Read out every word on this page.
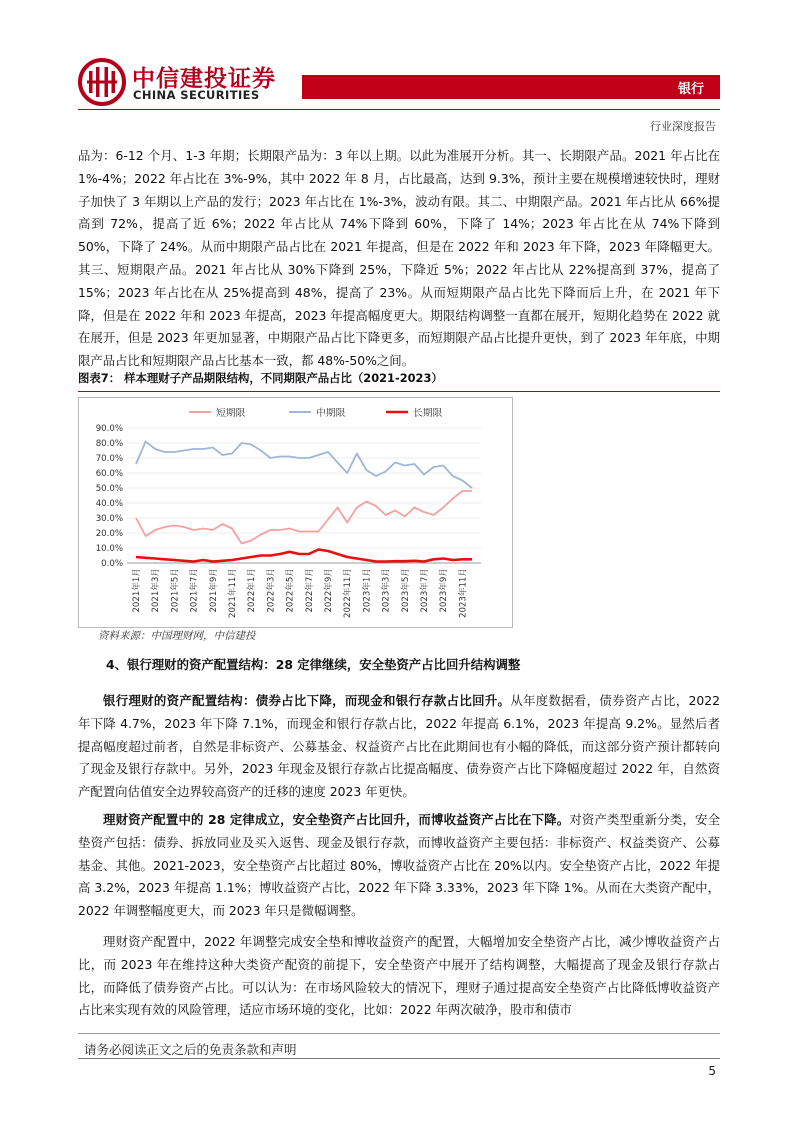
中信建投证券
CHINA SECURITIES	银行
行业深度报告
品为：6-12 个月、1-3 年期；长期限产品为：3 年以上期。以此为准展开分析。其一、长期限产品。2021 年占比在 1%-4%；2022 年占比在 3%-9%，其中 2022 年 8 月，占比最高，达到 9.3%，预计主要在规模增速较快时，理财子加快了 3 年期以上产品的发行；2023 年占比在 1%-3%，波动有限。其二、中期限产品。2021 年占比从 66%提高到 72%，提高了近 6%；2022 年占比从 74%下降到 60%，下降了 14%；2023 年占比在从 74%下降到 50%，下降了 24%。从而中期限产品占比在 2021 年提高，但是在 2022 年和 2023 年下降，2023 年降幅更大。其三、短期限产品。2021 年占比从 30%下降到 25%，下降近 5%；2022 年占比从 22%提高到 37%，提高了 15%；2023 年占比在从 25%提高到 48%，提高了 23%。从而短期限产品占比先下降而后上升，在 2021 年下降，但是在 2022 年和 2023 年提高，2023 年提高幅度更大。期限结构调整一直都在展开，短期化趋势在 2022 就在展开，但是 2023 年更加显著，中期限产品占比下降更多，而短期限产品占比提升更快，到了 2023 年年底，中期限产品占比和短期限产品占比基本一致，都 48%-50%之间。
图表7： 样本理财子产品期限结构，不同期限产品占比（2021-2023）
短期限	中期限	长期限
0.0%
10.0%
20.0%
30.0%
40.0%
50.0%
60.0%
70.0%
80.0%
90.0%
2021年1月 2021年3月 2021年5月 2021年7月 2021年9月 2021年11月 2022年1月 2022年3月 2022年5月 2022年7月 2022年9月 2022年11月 2023年1月 2023年3月 2023年5月 2023年7月 2023年9月 2023年11月
资料来源：中国理财网，中信建投
4、银行理财的资产配置结构：28 定律继续，安全垫资产占比回升结构调整
银行理财的资产配置结构：债券占比下降，而现金和银行存款占比回升。从年度数据看，债券资产占比，2022 年下降 4.7%，2023 年下降 7.1%，而现金和银行存款占比，2022 年提高 6.1%，2023 年提高 9.2%。显然后者提高幅度超过前者，自然是非标资产、公募基金、权益资产占比在此期间也有小幅的降低，而这部分资产预计都转向了现金及银行存款中。另外，2023 年现金及银行存款占比提高幅度、债券资产占比下降幅度超过 2022 年，自然资产配置向估值安全边界较高资产的迁移的速度 2023 年更快。
理财资产配置中的 28 定律成立，安全垫资产占比回升，而博收益资产占比在下降。对资产类型重新分类，安全垫资产包括：债券、拆放同业及买入返售、现金及银行存款，而博收益资产主要包括：非标资产、权益类资产、公募基金、其他。2021-2023，安全垫资产占比超过 80%，博收益资产占比在 20%以内。安全垫资产占比，2022 年提高 3.2%，2023 年提高 1.1%；博收益资产占比，2022 年下降 3.33%，2023 年下降 1%。从而在大类资产配中，2022 年调整幅度更大，而 2023 年只是微幅调整。
理财资产配置中，2022 年调整完成安全垫和博收益资产的配置，大幅增加安全垫资产占比，减少博收益资产占比，而 2023 年在维持这种大类资产配资的前提下，安全垫资产中展开了结构调整，大幅提高了现金及银行存款占比，而降低了债券资产占比。可以认为：在市场风险较大的情况下，理财子通过提高安全垫资产占比降低博收益资产占比来实现有效的风险管理，适应市场环境的变化，比如：2022 年两次破净，股市和债市
请务必阅读正文之后的免责条款和声明
5
